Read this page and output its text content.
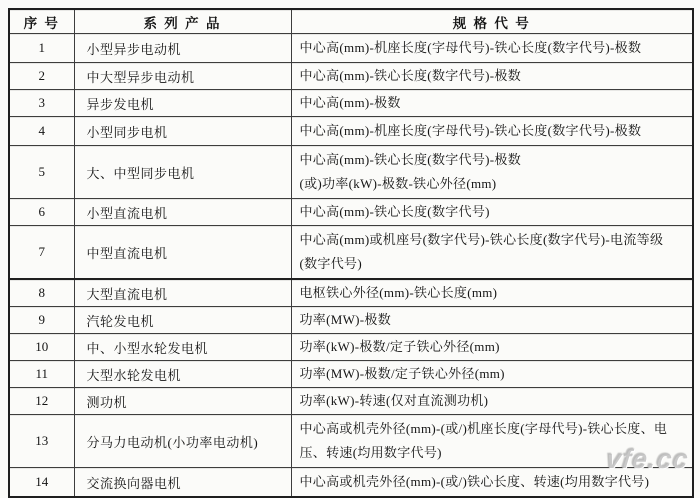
序 号	系 列 产 品	规 格 代 号
1	小型异步电动机	中心高(mm)-机座长度(字母代号)-铁心长度(数字代号)-极数

2	中大型异步电动机	中心高(mm)-铁心长度(数字代号)-极数

3	异步发电机	中心高(mm)-极数

4	小型同步电机	中心高(mm)-机座长度(字母代号)-铁心长度(数字代号)-极数

5	大、中型同步电机	中心高(mm)-铁心长度(数字代号)-极数
(或)功率(kW)-极数-铁心外径(mm)

6	小型直流电机	中心高(mm)-铁心长度(数字代号)

7	中型直流电机	中心高(mm)或机座号(数字代号)-铁心长度(数字代号)-电流等级
(数字代号)

8	大型直流电机	电枢铁心外径(mm)-铁心长度(mm)

9	汽轮发电机	功率(MW)-极数

10	中、小型水轮发电机	功率(kW)-极数/定子铁心外径(mm)

11	大型水轮发电机	功率(MW)-极数/定子铁心外径(mm)

12	测功机	功率(kW)-转速(仅对直流测功机)

13	分马力电动机(小功率电动机)	中心高或机壳外径(mm)-(或/)机座长度(字母代号)-铁心长度、电压、转速(均用数字代号)

14	交流换向器电机	中心高或机壳外径(mm)-(或/)铁心长度、转速(均用数字代号)
vfe.cc
